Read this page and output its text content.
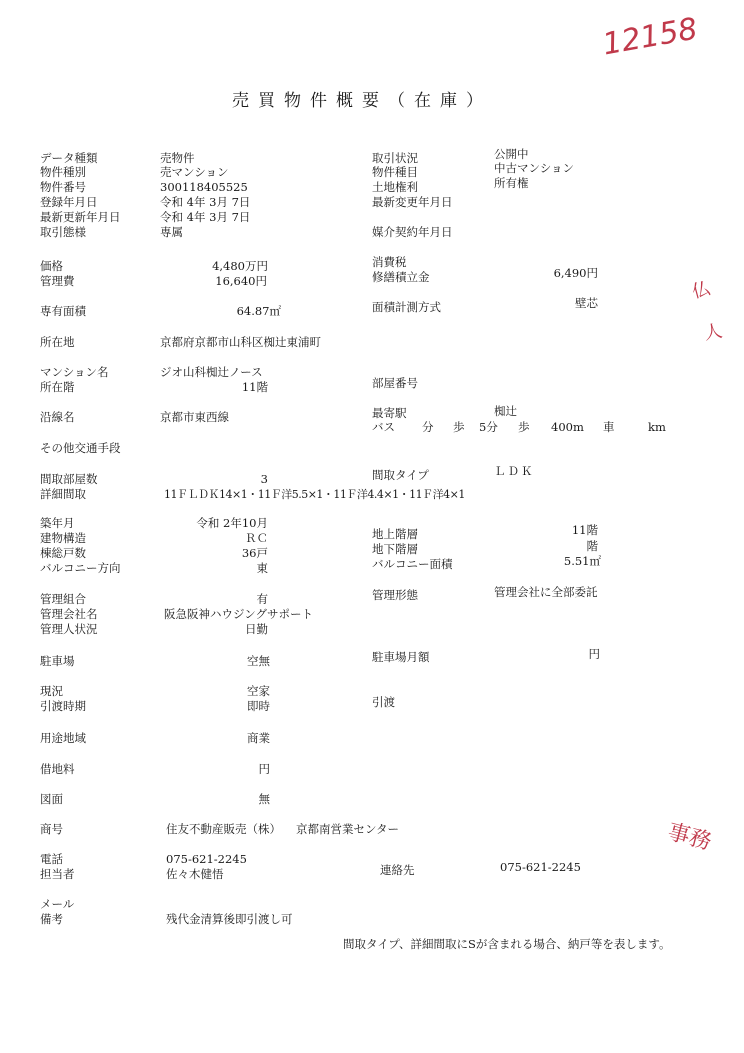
売買物件概要（在庫）
12158
仏
人
事務
データ種類
物件種別
物件番号
登録年月日
最新更新年月日
取引態様
価格
管理費
専有面積
所在地
マンション名
所在階
沿線名
その他交通手段
間取部屋数
詳細間取
築年月
建物構造
棟総戸数
バルコニー方向
管理組合
管理会社名
管理人状況
駐車場
現況
引渡時期
用途地域
借地料
図面
商号
電話
担当者
メール
備考
売物件
売マンション
300118405525
令和 4年 3月 7日
令和 4年 3月 7日
専属
京都府京都市山科区椥辻東浦町
ジオ山科椥辻ノース
京都市東西線
11ＦＬＤＫ14×1・11Ｆ洋5.5×1・11Ｆ洋4.4×1・11Ｆ洋4×1
阪急阪神ハウジングサポート
住友不動産販売（株） 京都南営業センター
075-621-2245
佐々木健悟
残代金清算後即引渡し可
4,480万円
16,640円
64.87㎡
11階
3
令和 2年10月
ＲＣ
36戸
東
有
日勤
空無
空家
即時
商業
円
無
取引状況
物件種目
土地権利
最新変更年月日
媒介契約年月日
消費税
修繕積立金
面積計測方式
部屋番号
最寄駅
間取タイプ
地上階層
地下階層
バルコニー面積
管理形態
駐車場月額
引渡
連絡先
公開中
中古マンション
所有権
6,490円
壁芯
椥辻
ＬＤＫ
11階
階
5.51㎡
管理会社に全部委託
円
075-621-2245
バス 分 歩 5分 歩 400m 車	km
間取タイプ、詳細間取にSが含まれる場合、納戸等を表します。
